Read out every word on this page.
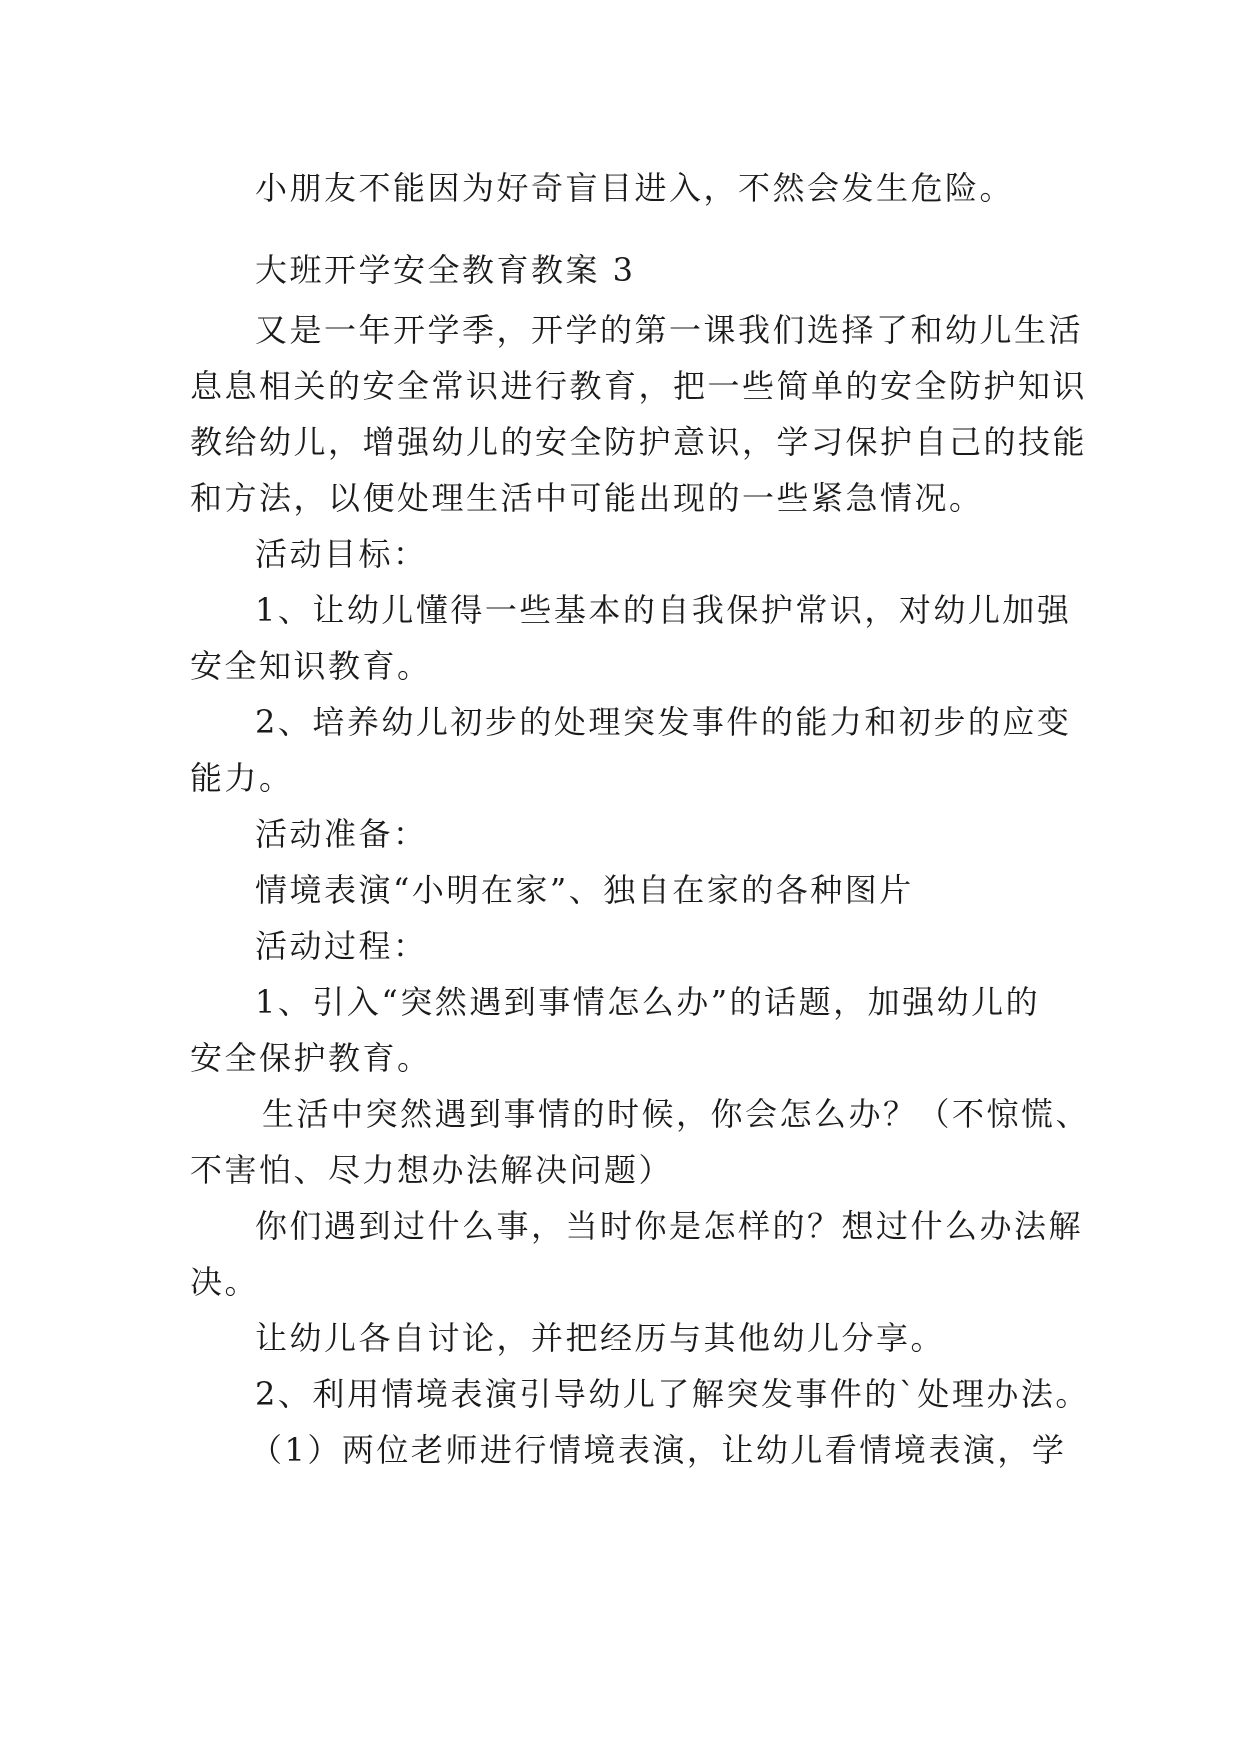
小朋友不能因为好奇盲目进入，不然会发生危险。
大班开学安全教育教案 3
又是一年开学季，开学的第一课我们选择了和幼儿生活
息息相关的安全常识进行教育，把一些简单的安全防护知识
教给幼儿，增强幼儿的安全防护意识，学习保护自己的技能
和方法，以便处理生活中可能出现的一些紧急情况。
活动目标：
1、让幼儿懂得一些基本的自我保护常识，对幼儿加强
安全知识教育。
2、培养幼儿初步的处理突发事件的能力和初步的应变
能力。
活动准备：
情境表演“小明在家”、独自在家的各种图片
活动过程：
1、引入“突然遇到事情怎么办”的话题，加强幼儿的
安全保护教育。
生活中突然遇到事情的时候，你会怎么办？（不惊慌、
不害怕、尽力想办法解决问题）
你们遇到过什么事，当时你是怎样的？想过什么办法解
决。
让幼儿各自讨论，并把经历与其他幼儿分享。
2、利用情境表演引导幼儿了解突发事件的`处理办法。
（1）两位老师进行情境表演，让幼儿看情境表演，学
